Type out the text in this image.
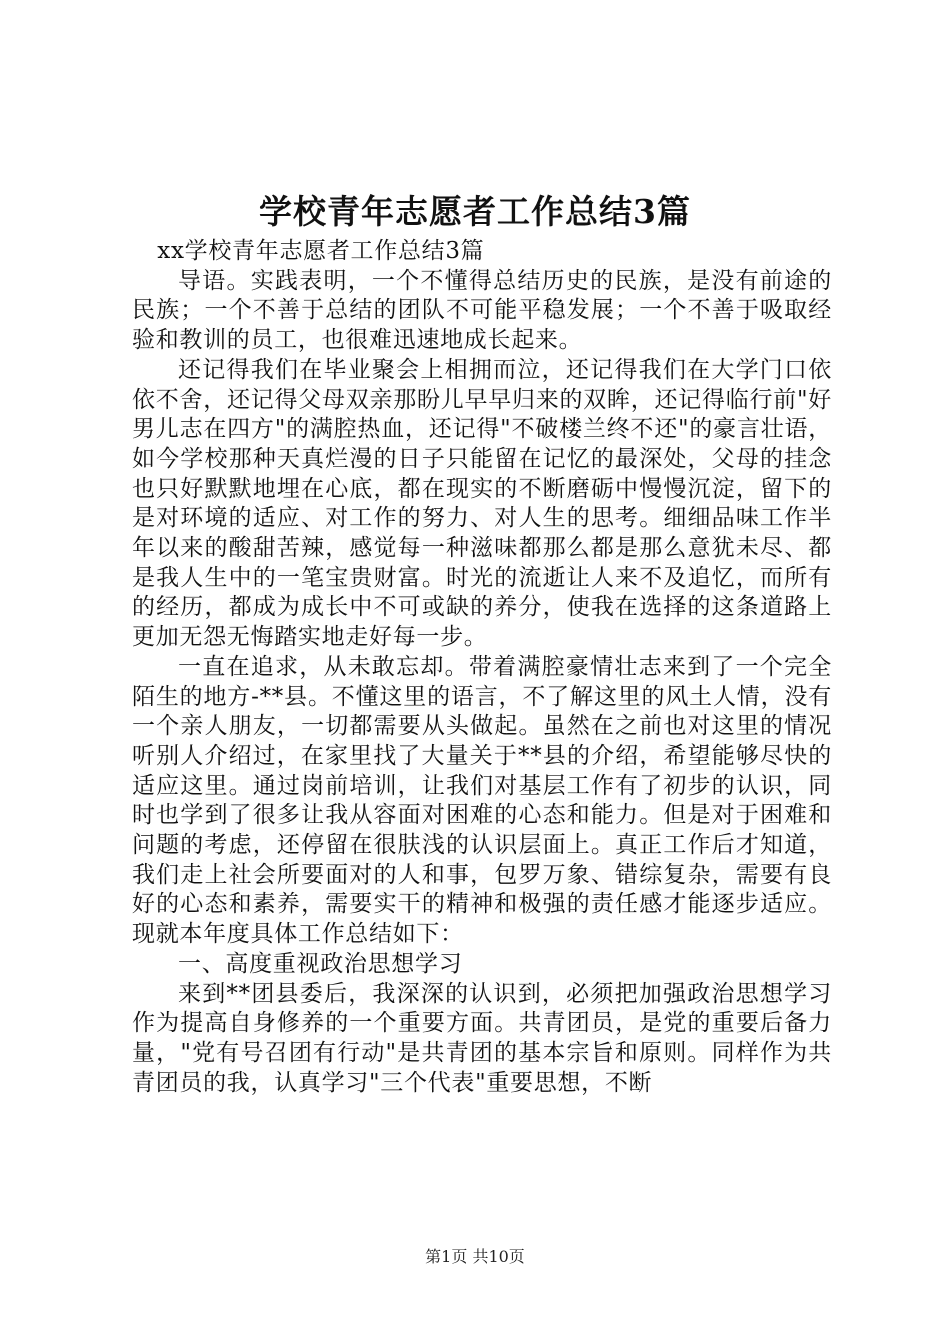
学校青年志愿者工作总结3篇

xx学校青年志愿者工作总结3篇

导语。实践表明，一个不懂得总结历史的民族，是没有前途的民族；一个不善于总结的团队不可能平稳发展；一个不善于吸取经验和教训的员工，也很难迅速地成长起来。

还记得我们在毕业聚会上相拥而泣，还记得我们在大学门口依依不舍，还记得父母双亲那盼儿早早归来的双眸，还记得临行前"好男儿志在四方"的满腔热血，还记得"不破楼兰终不还"的豪言壮语，如今学校那种天真烂漫的日子只能留在记忆的最深处，父母的挂念也只好默默地埋在心底，都在现实的不断磨砺中慢慢沉淀，留下的是对环境的适应、对工作的努力、对人生的思考。细细品味工作半年以来的酸甜苦辣，感觉每一种滋味都那么都是那么意犹未尽、都是我人生中的一笔宝贵财富。时光的流逝让人来不及追忆，而所有的经历，都成为成长中不可或缺的养分，使我在选择的这条道路上更加无怨无悔踏实地走好每一步。

一直在追求，从未敢忘却。带着满腔豪情壮志来到了一个完全陌生的地方-**县。不懂这里的语言，不了解这里的风土人情，没有一个亲人朋友，一切都需要从头做起。虽然在之前也对这里的情况听别人介绍过，在家里找了大量关于**县的介绍，希望能够尽快的适应这里。通过岗前培训，让我们对基层工作有了初步的认识，同时也学到了很多让我从容面对困难的心态和能力。但是对于困难和问题的考虑，还停留在很肤浅的认识层面上。真正工作后才知道，我们走上社会所要面对的人和事，包罗万象、错综复杂，需要有良好的心态和素养，需要实干的精神和极强的责任感才能逐步适应。现就本年度具体工作总结如下：

一、高度重视政治思想学习

来到**团县委后，我深深的认识到，必须把加强政治思想学习作为提高自身修养的一个重要方面。共青团员，是党的重要后备力量，"党有号召团有行动"是共青团的基本宗旨和原则。同样作为共青团员的我，认真学习"三个代表"重要思想，不断

第1页 共10页
